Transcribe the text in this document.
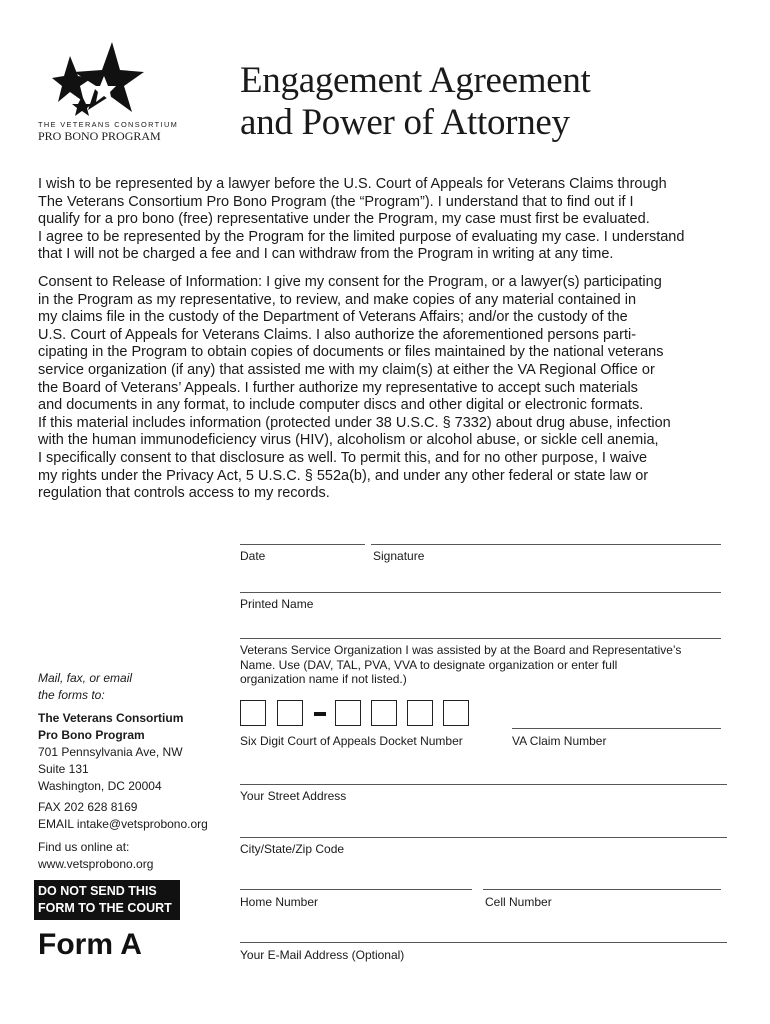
THE VETERANS CONSORTIUM
PRO BONO PROGRAM
Engagement Agreement
and Power of Attorney
I wish to be represented by a lawyer before the U.S. Court of Appeals for Veterans Claims through
The Veterans Consortium Pro Bono Program (the “Program”). I understand that to find out if I
qualify for a pro bono (free) representative under the Program, my case must first be evaluated.
I agree to be represented by the Program for the limited purpose of evaluating my case. I understand
that I will not be charged a fee and I can withdraw from the Program in writing at any time.
Consent to Release of Information: I give my consent for the Program, or a lawyer(s) participating
in the Program as my representative, to review, and make copies of any material contained in
my claims file in the custody of the Department of Veterans Affairs; and/or the custody of the
U.S. Court of Appeals for Veterans Claims. I also authorize the aforementioned persons parti-
cipating in the Program to obtain copies of documents or files maintained by the national veterans
service organization (if any) that assisted me with my claim(s) at either the VA Regional Office or
the Board of Veterans’ Appeals. I further authorize my representative to accept such materials
and documents in any format, to include computer discs and other digital or electronic formats.
If this material includes information (protected under 38 U.S.C. § 7332) about drug abuse, infection
with the human immunodeficiency virus (HIV), alcoholism or alcohol abuse, or sickle cell anemia,
I specifically consent to that disclosure as well. To permit this, and for no other purpose, I waive
my rights under the Privacy Act, 5 U.S.C. § 552a(b), and under any other federal or state law or
regulation that controls access to my records.
Date	Signature
Printed Name
Veterans Service Organization I was assisted by at the Board and Representative’s
Name. Use (DAV, TAL, PVA, VVA to designate organization or enter full
organization name if not listed.)
Six Digit Court of Appeals Docket Number	VA Claim Number
Your Street Address
City/State/Zip Code
Home Number	Cell Number
Your E-Mail Address (Optional)
Mail, fax, or email
the forms to:
The Veterans Consortium
Pro Bono Program
701 Pennsylvania Ave, NW
Suite 131
Washington, DC 20004
FAX 202 628 8169
EMAIL intake@vetsprobono.org
Find us online at:
www.vetsprobono.org
DO NOT SEND THIS
FORM TO THE COURT
Form A
